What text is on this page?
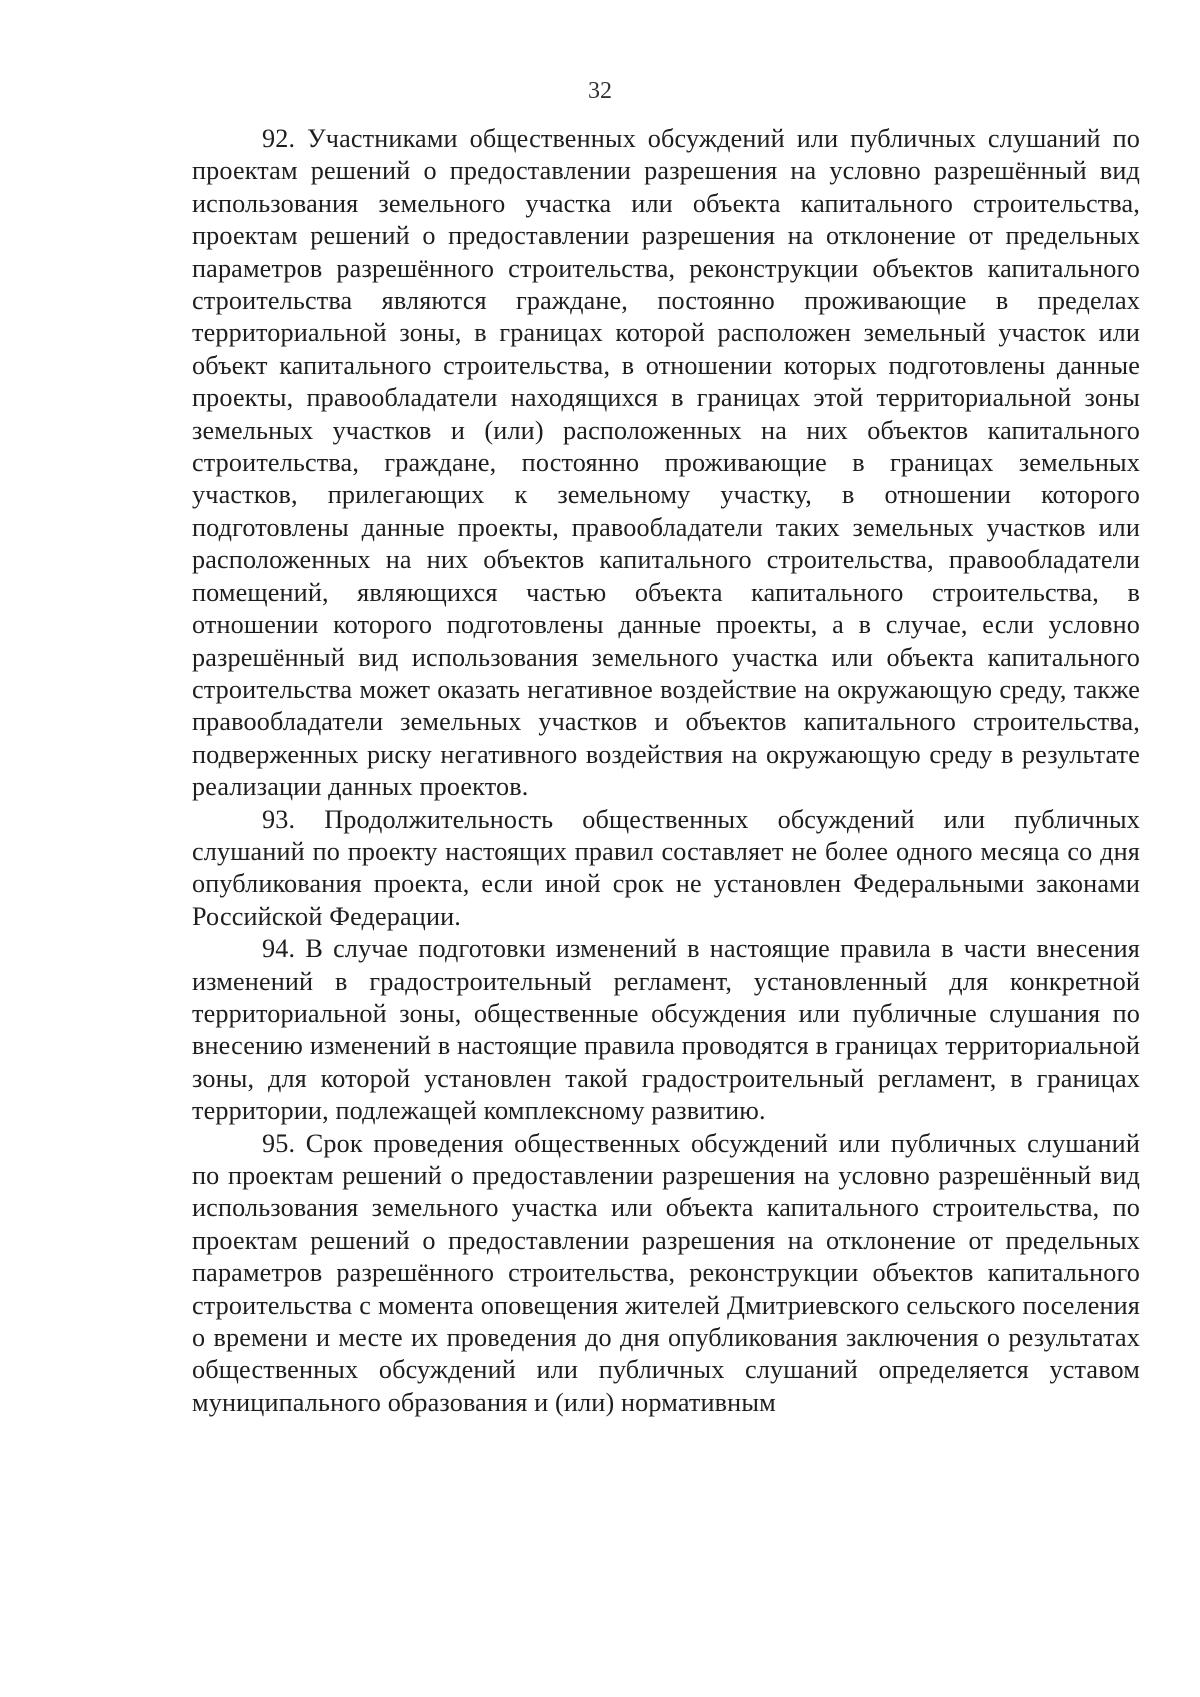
32

92. Участниками общественных обсуждений или публичных слушаний по проектам решений о предоставлении разрешения на условно разрешённый вид использования земельного участка или объекта капитального строительства, проектам решений о предоставлении разрешения на отклонение от предельных параметров разрешённого строительства, реконструкции объектов капитального строительства являются граждане, постоянно проживающие в пределах территориальной зоны, в границах которой расположен земельный участок или объект капитального строительства, в отношении которых подготовлены данные проекты, правообладатели находящихся в границах этой территориальной зоны земельных участков и (или) расположенных на них объектов капитального строительства, граждане, постоянно проживающие в границах земельных участков, прилегающих к земельному участку, в отношении которого подготовлены данные проекты, правообладатели таких земельных участков или расположенных на них объектов капитального строительства, правообладатели помещений, являющихся частью объекта капитального строительства, в отношении которого подготовлены данные проекты, а в случае, если условно разрешённый вид использования земельного участка или объекта капитального строительства может оказать негативное воздействие на окружающую среду, также правообладатели земельных участков и объектов капитального строительства, подверженных риску негативного воздействия на окружающую среду в результате реализации данных проектов.

93. Продолжительность общественных обсуждений или публичных слушаний по проекту настоящих правил составляет не более одного месяца со дня опубликования проекта, если иной срок не установлен Федеральными законами Российской Федерации.

94. В случае подготовки изменений в настоящие правила в части внесения изменений в градостроительный регламент, установленный для конкретной территориальной зоны, общественные обсуждения или публичные слушания по внесению изменений в настоящие правила проводятся в границах территориальной зоны, для которой установлен такой градостроительный регламент, в границах территории, подлежащей комплексному развитию.

95. Срок проведения общественных обсуждений или публичных слушаний по проектам решений о предоставлении разрешения на условно разрешённый вид использования земельного участка или объекта капитального строительства, по проектам решений о предоставлении разрешения на отклонение от предельных параметров разрешённого строительства, реконструкции объектов капитального строительства с момента оповещения жителей Дмитриевского сельского поселения о времени и месте их проведения до дня опубликования заключения о результатах общественных обсуждений или публичных слушаний определяется уставом муниципального образования и (или) нормативным
